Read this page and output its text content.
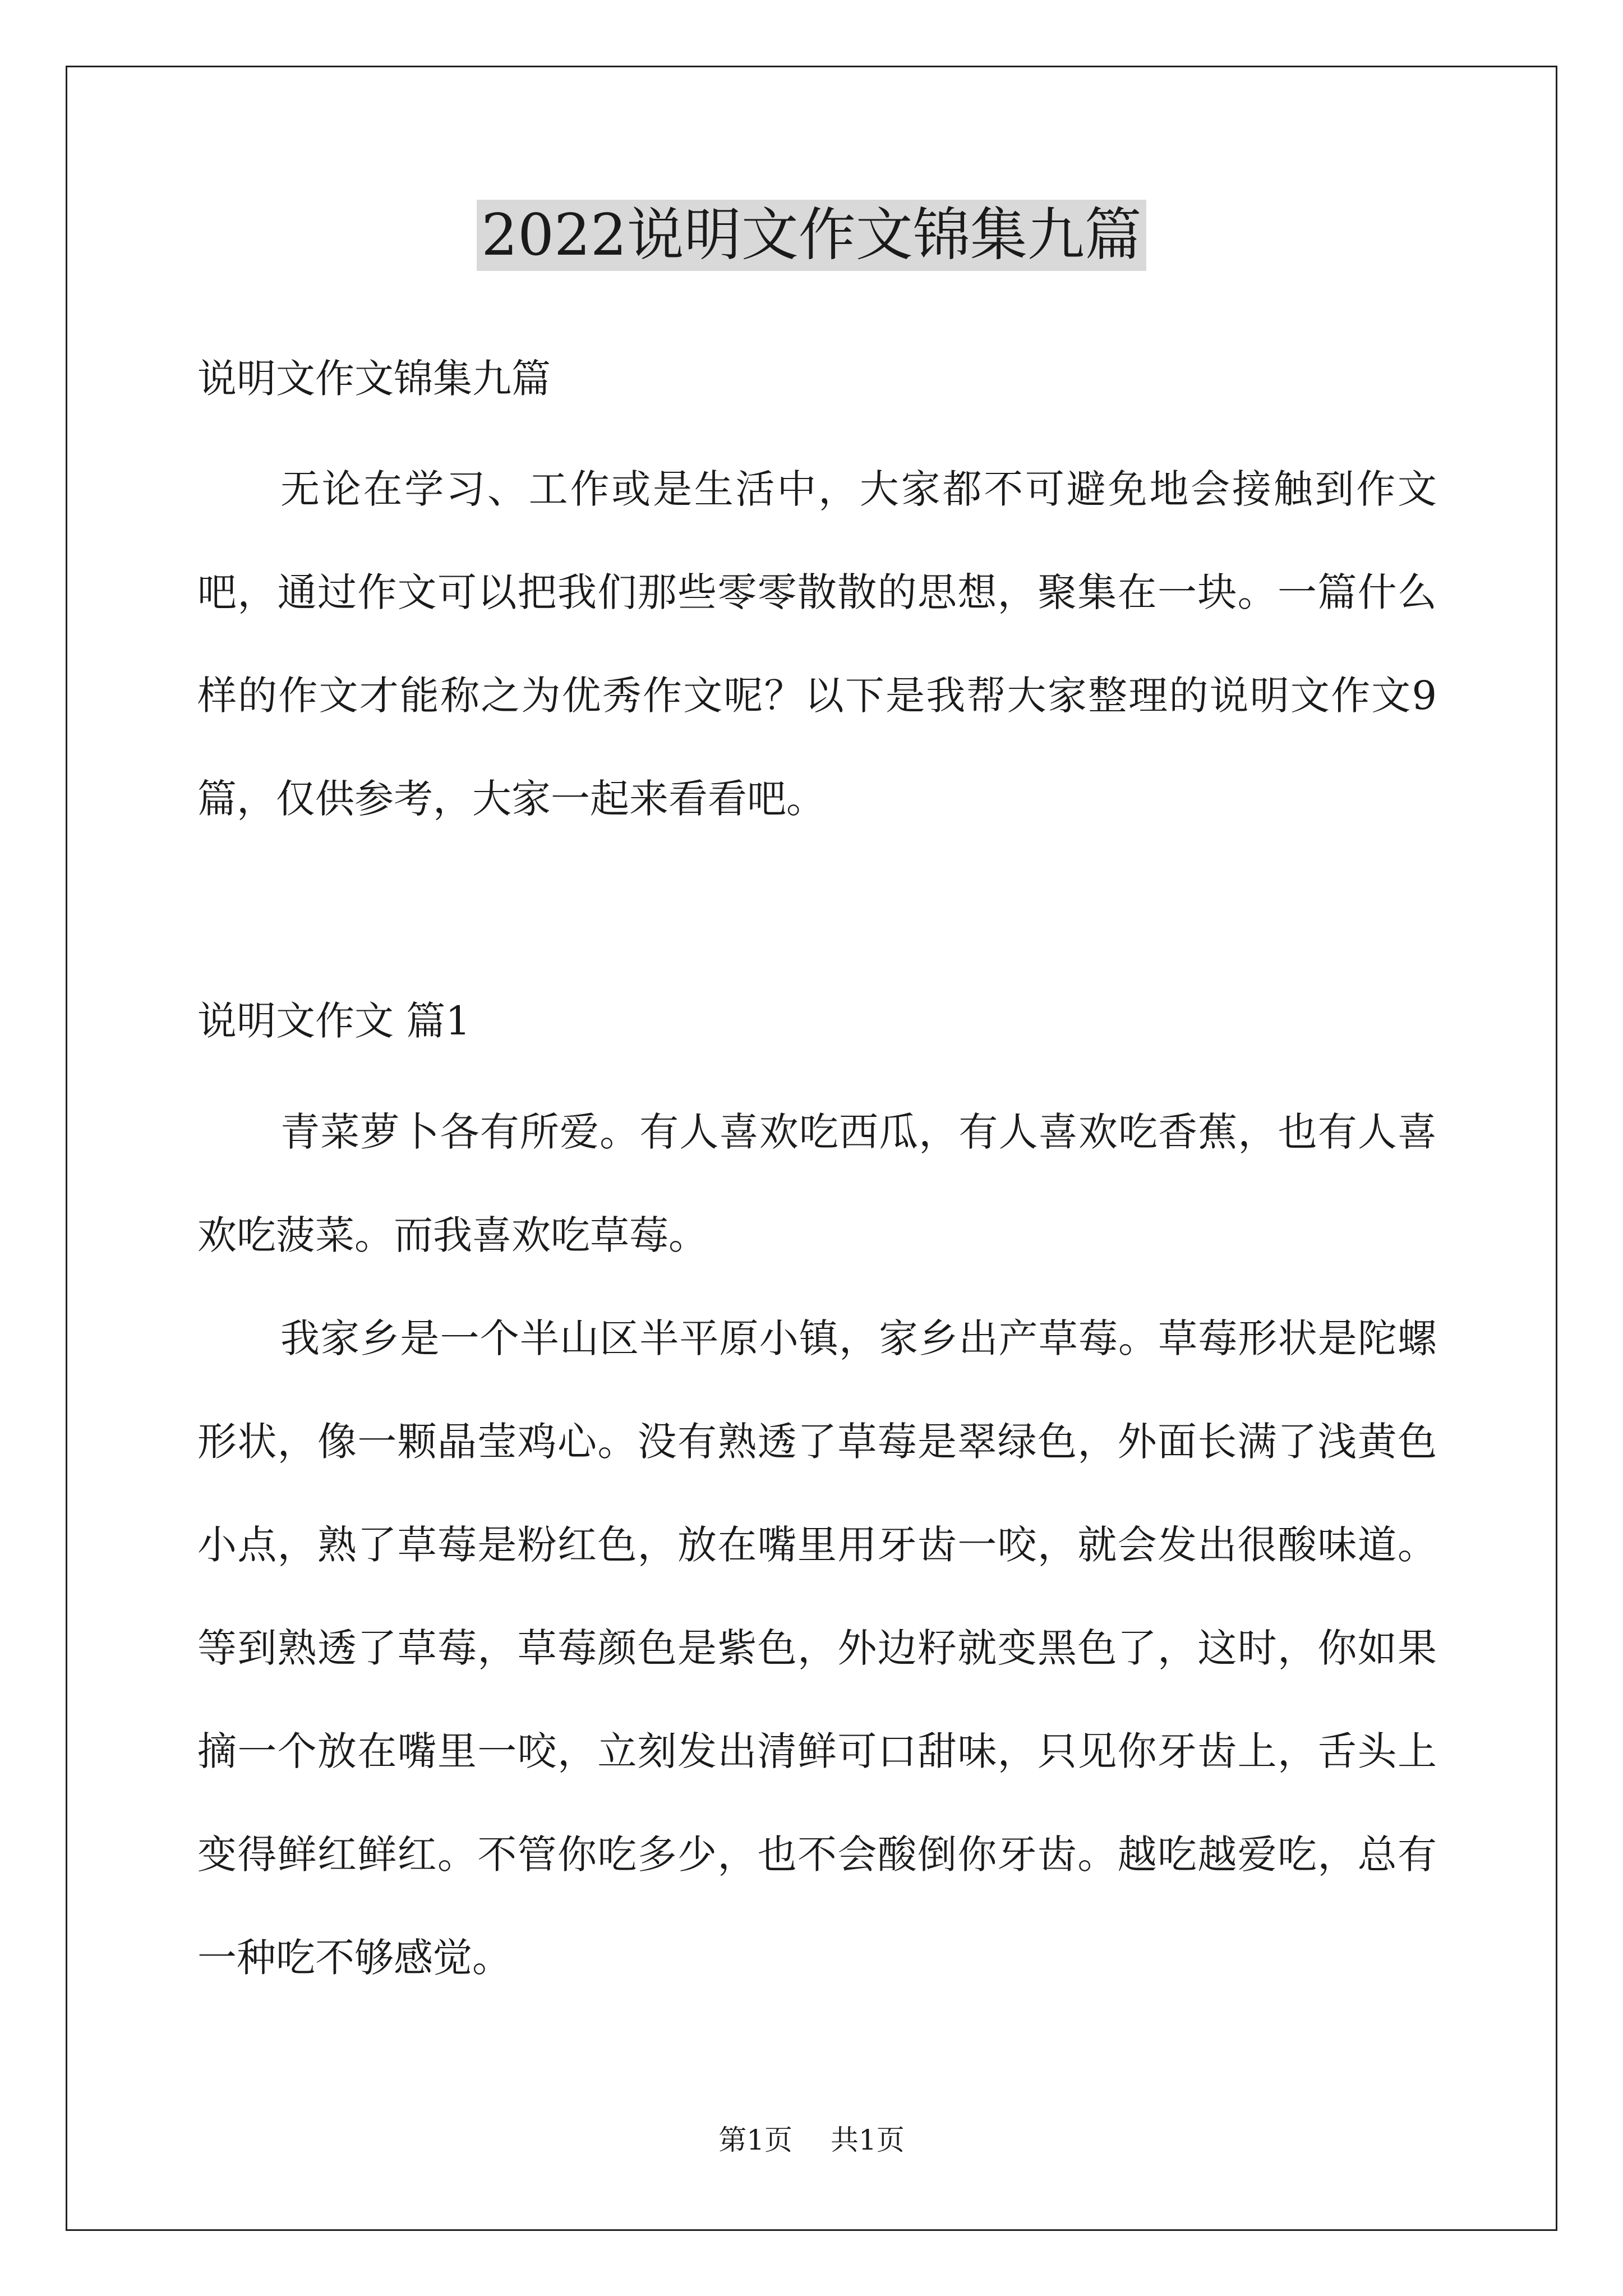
2022说明文作文锦集九篇
说明文作文锦集九篇

无论在学习、工作或是生活中，大家都不可避免地会接触到作文吧，通过作文可以把我们那些零零散散的思想，聚集在一块。一篇什么样的作文才能称之为优秀作文呢？以下是我帮大家整理的说明文作文9篇，仅供参考，大家一起来看看吧。

说明文作文 篇1

青菜萝卜各有所爱。有人喜欢吃西瓜，有人喜欢吃香蕉，也有人喜欢吃菠菜。而我喜欢吃草莓。

我家乡是一个半山区半平原小镇，家乡出产草莓。草莓形状是陀螺形状，像一颗晶莹鸡心。没有熟透了草莓是翠绿色，外面长满了浅黄色小点，熟了草莓是粉红色，放在嘴里用牙齿一咬，就会发出很酸味道。等到熟透了草莓，草莓颜色是紫色，外边籽就变黑色了，这时，你如果摘一个放在嘴里一咬，立刻发出清鲜可口甜味，只见你牙齿上，舌头上变得鲜红鲜红。不管你吃多少，也不会酸倒你牙齿。越吃越爱吃，总有一种吃不够感觉。

第1页 共1页
